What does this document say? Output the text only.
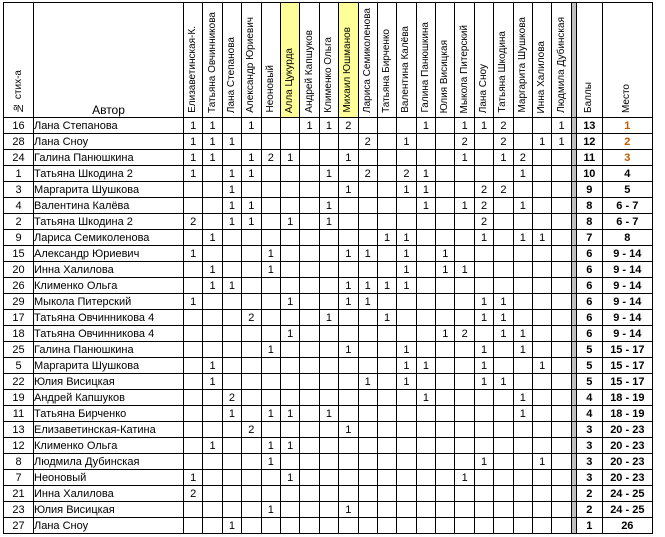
№ стих-а	Автор	Елизаветинская-К.	Татьяна Овчинникова	Лана Степанова	Александр Юриевич	Неоновый	Алла Цукурда	Андрей Капшуков	Клименко Ольга	Михаил Юшманов	Лариса Семиколенова	Татьяна Бирченко	Валентина Калёва	Галина Панюшкина	Юлия Висицкая	Мыкола Питерский	Лана Сноу	Татьяна Шкодина	Маргарита Шушкова	Инна Халилова	Людмила Дубинская		Баллы	Место

16	Лана Степанова	1	1		1			1	1	2				1		1	1	2			1		13	1
28	Лана Сноу	1	1	1							2		1			2		2		1	1		12	2
24	Галина Панюшкина	1	1		1	2	1			1						1		1	2				11	3
1	Татьяна Шкодина 2	1		1	1				1		2		2	1					1				10	4
3	Маргарита Шушкова			1						1			1	1			2	2					9	5
4	Валентина Калёва			1	1				1					1		1	2		1				8	6 - 7
2	Татьяна Шкодина 2	2		1	1		1		1								2						8	6 - 7
9	Лариса Семиколенова		1									1	1				1		1	1			7	8
15	Александр Юриевич	1				1				1	1		1		1								6	9 - 14
20	Инна Халилова		1			1							1		1	1							6	9 - 14
26	Клименко Ольга		1	1						1	1	1	1										6	9 - 14
29	Мыкола Питерский	1					1			1	1						1	1					6	9 - 14
17	Татьяна Овчинникова 4				2				1			1					1	1					6	9 - 14
18	Татьяна Овчинникова 4						1								1	2		1	1				6	9 - 14
25	Галина Панюшкина					1				1			1				1		1				5	15 - 17
5	Маргарита Шушкова		1										1	1			1			1			5	15 - 17
22	Юлия Висицкая		1								1		1				1	1					5	15 - 17
19	Андрей Капшуков			2										1					1				4	18 - 19
11	Татьяна Бирченко			1		1	1		1										1				4	18 - 19
13	Елизаветинская-Катина				2					1													3	20 - 23
12	Клименко Ольга		1			1	1																3	20 - 23
8	Людмила Дубинская					1											1			1			3	20 - 23
7	Неоновый	1					1									1							3	20 - 23
21	Инна Халилова	2																					2	24 - 25
23	Юлия Висицкая					1				1													2	24 - 25
27	Лана Сноу			1																			1	26
